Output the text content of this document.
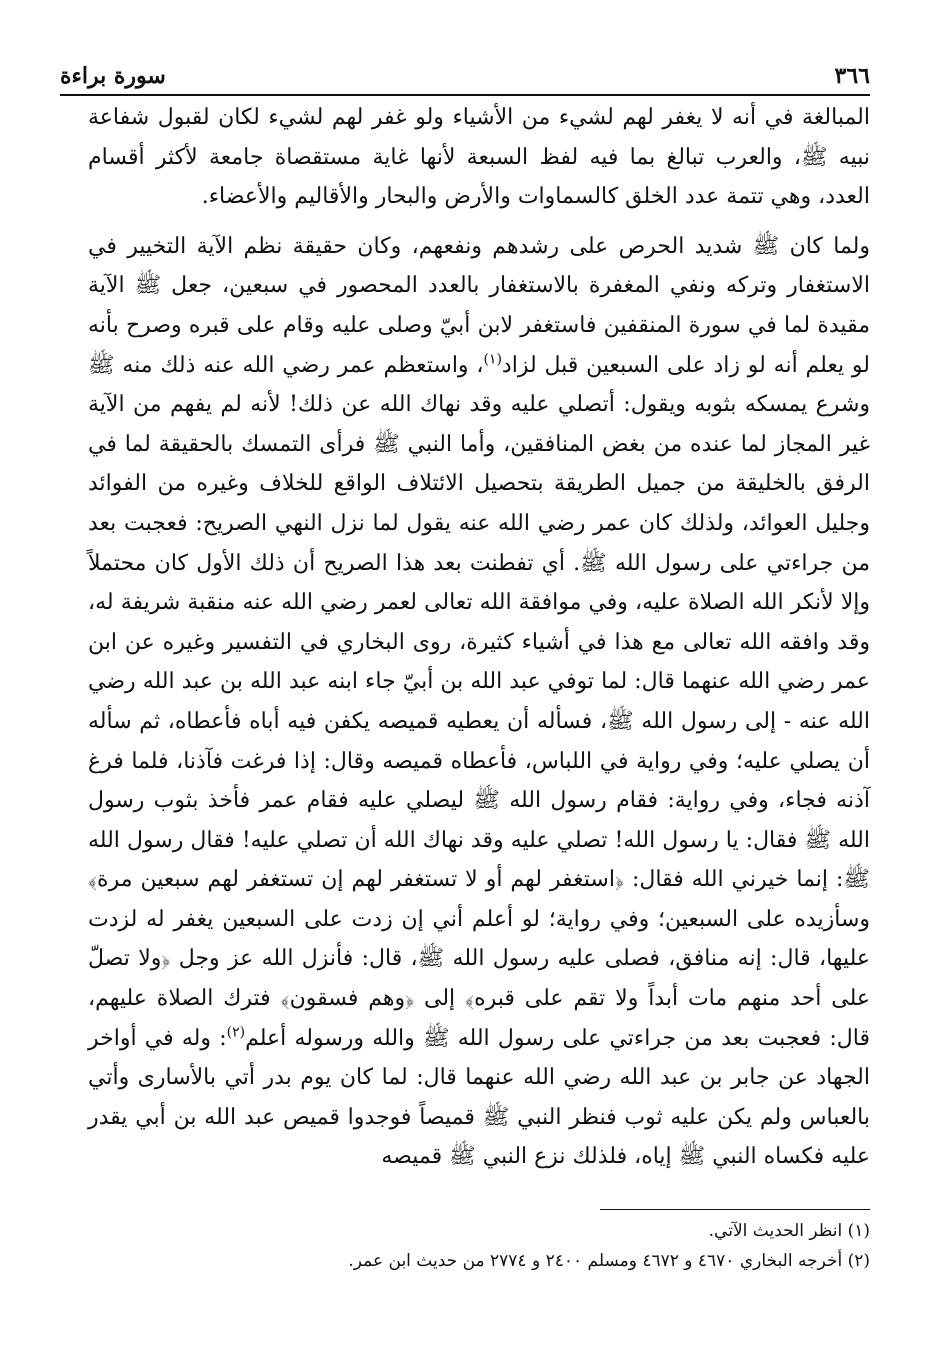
٣٦٦
سورة براءة

المبالغة في أنه لا يغفر لهم لشيء من الأشياء ولو غفر لهم لشيء لكان لقبول شفاعة نبيه ﷺ، والعرب تبالغ بما فيه لفظ السبعة لأنها غاية مستقصاة جامعة لأكثر أقسام العدد، وهي تتمة عدد الخلق كالسماوات والأرض والبحار والأقاليم والأعضاء.

ولما كان ﷺ شديد الحرص على رشدهم ونفعهم، وكان حقيقة نظم الآية التخيير في الاستغفار وتركه ونفي المغفرة بالاستغفار بالعدد المحصور في سبعين، جعل ﷺ الآية مقيدة لما في سورة المنقفين فاستغفر لابن أبيّ وصلى عليه وقام على قبره وصرح بأنه لو يعلم أنه لو زاد على السبعين قبل لزاد$^{(١)}$، واستعظم عمر رضي الله عنه ذلك منه ﷺ وشرع يمسكه بثوبه ويقول: أتصلي عليه وقد نهاك الله عن ذلك! لأنه لم يفهم من الآية غير المجاز لما عنده من بغض المنافقين، وأما النبي ﷺ فرأى التمسك بالحقيقة لما في الرفق بالخليقة من جميل الطريقة بتحصيل الائتلاف الواقع للخلاف وغيره من الفوائد وجليل العوائد، ولذلك كان عمر رضي الله عنه يقول لما نزل النهي الصريح: فعجبت بعد من جراءتي على رسول الله ﷺ. أي تفطنت بعد هذا الصريح أن ذلك الأول كان محتملاً وإلا لأنكر الله الصلاة عليه، وفي موافقة الله تعالى لعمر رضي الله عنه منقبة شريفة له، وقد وافقه الله تعالى مع هذا في أشياء كثيرة، روى البخاري في التفسير وغيره عن ابن عمر رضي الله عنهما قال: لما توفي عبد الله بن أبيّ جاء ابنه عبد الله بن عبد الله رضي الله عنه - إلى رسول الله ﷺ، فسأله أن يعطيه قميصه يكفن فيه أباه فأعطاه، ثم سأله أن يصلي عليه؛ وفي رواية في اللباس، فأعطاه قميصه وقال: إذا فرغت فآذنا، فلما فرغ آذنه فجاء، وفي رواية: فقام رسول الله ﷺ ليصلي عليه فقام عمر فأخذ بثوب رسول الله ﷺ فقال: يا رسول الله! تصلي عليه وقد نهاك الله أن تصلي عليه! فقال رسول الله ﷺ: إنما خيرني الله فقال: ﴿استغفر لهم أو لا تستغفر لهم إن تستغفر لهم سبعين مرة﴾ وسأزيده على السبعين؛ وفي رواية؛ لو أعلم أني إن زدت على السبعين يغفر له لزدت عليها، قال: إنه منافق، فصلى عليه رسول الله ﷺ، قال: فأنزل الله عز وجل ﴿ولا تصلّ على أحد منهم مات أبداً ولا تقم على قبره﴾ إلى ﴿وهم فسقون﴾ فترك الصلاة عليهم، قال: فعجبت بعد من جراءتي على رسول الله ﷺ والله ورسوله أعلم$^{(٢)}$: وله في أواخر الجهاد عن جابر بن عبد الله رضي الله عنهما قال: لما كان يوم بدر أتي بالأسارى وأتي بالعباس ولم يكن عليه ثوب فنظر النبي ﷺ قميصاً فوجدوا قميص عبد الله بن أبي يقدر عليه فكساه النبي ﷺ إياه، فلذلك نزع النبي ﷺ قميصه

(١) انظر الحديث الآتي.

(٢) أخرجه البخاري ٤٦٧٠ و ٤٦٧٢ ومسلم ٢٤٠٠ و ٢٧٧٤ من حديث ابن عمر.
